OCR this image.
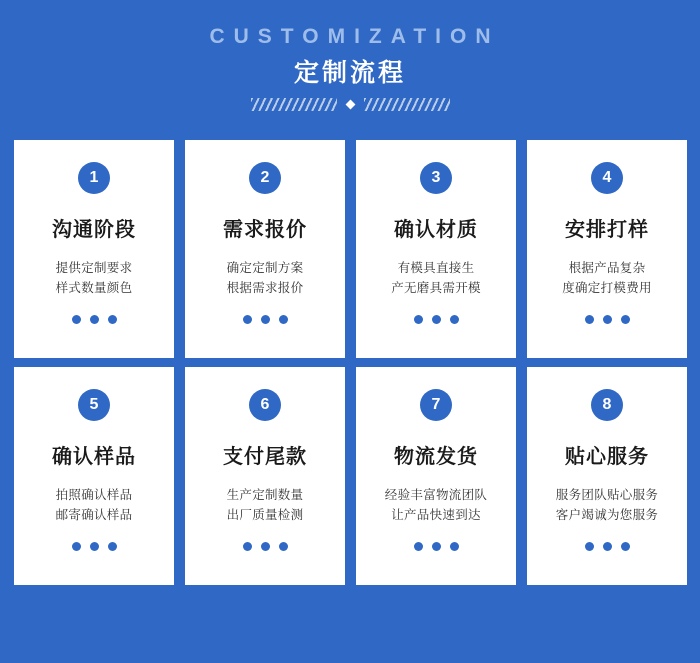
CUSTOMIZATION
定制流程
1
沟通阶段
提供定制要求
样式数量颜色
2
需求报价
确定定制方案
根据需求报价
3
确认材质
有模具直接生
产无磨具需开模
4
安排打样
根据产品复杂
度确定打模费用
5
确认样品
拍照确认样品
邮寄确认样品
6
支付尾款
生产定制数量
出厂质量检测
7
物流发货
经验丰富物流团队
让产品快速到达
8
贴心服务
服务团队贴心服务
客户竭诚为您服务
